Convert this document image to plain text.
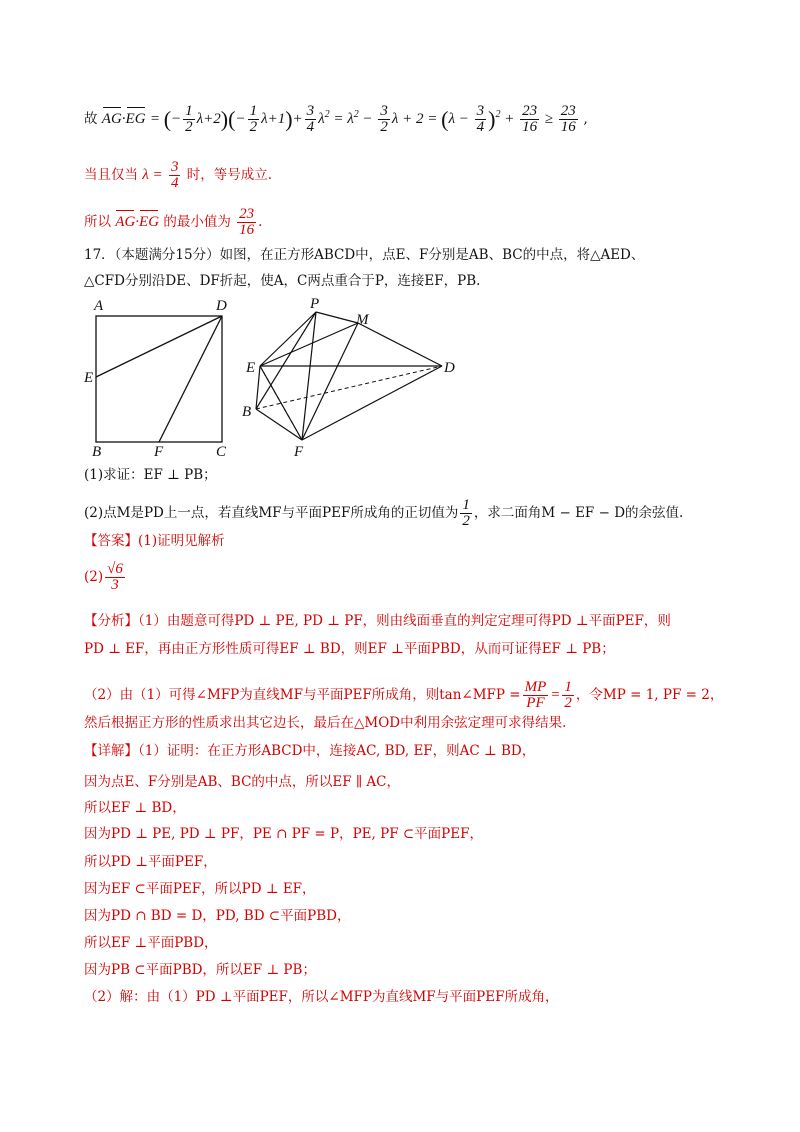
故 AG·EG = (− $\frac{1}{2} \lambda+2)(- \frac{1}{2} \lambda+1)+ \frac{3}{4} \lambda^2 = \lambda^2 - \frac{3}{2}$ $\lambda + 2 = (\lambda - \frac{3}{4} )^2 + \frac{23}{16} \ge \frac{23}{16}$ ,
当且仅当 $\lambda = \frac{3}{4}$ 时，等号成立.
所以 AG·EG 的最小值为 $\frac{23}{16}$ .
17．（本题满分15分）如图，在正方形ABCD中，点E、F分别是AB、BC的中点，将△AED、
△CFD分别沿DE、DF折起，使A，C两点重合于P，连接EF，PB.
A	D
E
B	F	C
P
M
E	D
B
F
(1)求证：EF ⊥ PB；
(2)点M是PD上一点，若直线MF与平面PEF所成角的正切值为 $\frac{1}{2}$ ，求二面角M − EF − D的余弦值.
【答案】(1)证明见解析
$(2) \frac{√6}{3}$
【分析】（1）由题意可得PD ⊥ PE, PD ⊥ PF，则由线面垂直的判定定理可得PD ⊥平面PEF，则
PD ⊥ EF，再由正方形性质可得EF ⊥ BD，则EF ⊥平面PBD，从而可证得EF ⊥ PB；
（2）由（1）可得∠MFP为直线MF与平面PEF所成角，则tan∠MFP = $\frac{MP}{PF} = \frac{1}{2}$ ，令MP = 1, PF = 2，
然后根据正方形的性质求出其它边长，最后在△MOD中利用余弦定理可求得结果.
【详解】（1）证明：在正方形ABCD中，连接AC, BD, EF，则AC ⊥ BD，
因为点E、F分别是AB、BC的中点，所以EF ∥ AC，
所以EF ⊥ BD，
因为PD ⊥ PE, PD ⊥ PF，PE ∩ PF = P，PE, PF ⊂平面PEF，
所以PD ⊥平面PEF，
因为EF ⊂平面PEF，所以PD ⊥ EF，
因为PD ∩ BD = D，PD, BD ⊂平面PBD，
所以EF ⊥平面PBD，
因为PB ⊂平面PBD，所以EF ⊥ PB；
（2）解：由（1）PD ⊥平面PEF，所以∠MFP为直线MF与平面PEF所成角，
